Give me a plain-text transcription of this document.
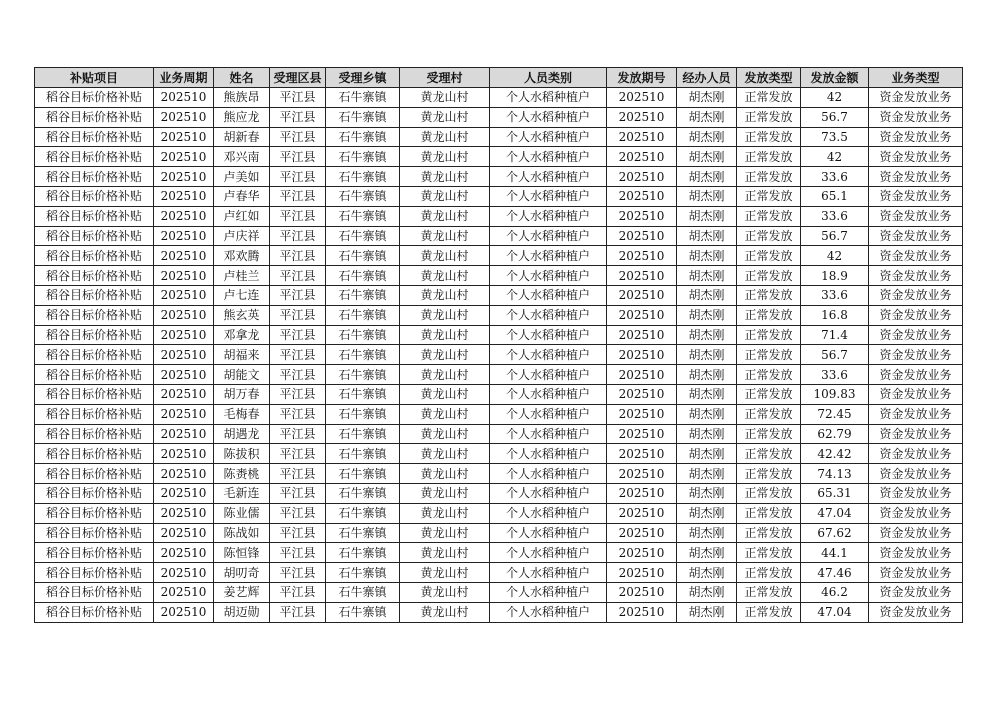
补贴项目	业务周期	姓名	受理区县	受理乡镇	受理村	人员类别	发放期号	经办人员	发放类型	发放金额	业务类型
稻谷目标价格补贴	202510	熊族昂	平江县	石牛寨镇	黄龙山村	个人水稻种植户	202510	胡杰刚	正常发放	42	资金发放业务
稻谷目标价格补贴	202510	熊应龙	平江县	石牛寨镇	黄龙山村	个人水稻种植户	202510	胡杰刚	正常发放	56.7	资金发放业务
稻谷目标价格补贴	202510	胡新春	平江县	石牛寨镇	黄龙山村	个人水稻种植户	202510	胡杰刚	正常发放	73.5	资金发放业务
稻谷目标价格补贴	202510	邓兴南	平江县	石牛寨镇	黄龙山村	个人水稻种植户	202510	胡杰刚	正常发放	42	资金发放业务
稻谷目标价格补贴	202510	卢美如	平江县	石牛寨镇	黄龙山村	个人水稻种植户	202510	胡杰刚	正常发放	33.6	资金发放业务
稻谷目标价格补贴	202510	卢春华	平江县	石牛寨镇	黄龙山村	个人水稻种植户	202510	胡杰刚	正常发放	65.1	资金发放业务
稻谷目标价格补贴	202510	卢红如	平江县	石牛寨镇	黄龙山村	个人水稻种植户	202510	胡杰刚	正常发放	33.6	资金发放业务
稻谷目标价格补贴	202510	卢庆祥	平江县	石牛寨镇	黄龙山村	个人水稻种植户	202510	胡杰刚	正常发放	56.7	资金发放业务
稻谷目标价格补贴	202510	邓欢腾	平江县	石牛寨镇	黄龙山村	个人水稻种植户	202510	胡杰刚	正常发放	42	资金发放业务
稻谷目标价格补贴	202510	卢桂兰	平江县	石牛寨镇	黄龙山村	个人水稻种植户	202510	胡杰刚	正常发放	18.9	资金发放业务
稻谷目标价格补贴	202510	卢七连	平江县	石牛寨镇	黄龙山村	个人水稻种植户	202510	胡杰刚	正常发放	33.6	资金发放业务
稻谷目标价格补贴	202510	熊玄英	平江县	石牛寨镇	黄龙山村	个人水稻种植户	202510	胡杰刚	正常发放	16.8	资金发放业务
稻谷目标价格补贴	202510	邓拿龙	平江县	石牛寨镇	黄龙山村	个人水稻种植户	202510	胡杰刚	正常发放	71.4	资金发放业务
稻谷目标价格补贴	202510	胡福来	平江县	石牛寨镇	黄龙山村	个人水稻种植户	202510	胡杰刚	正常发放	56.7	资金发放业务
稻谷目标价格补贴	202510	胡能文	平江县	石牛寨镇	黄龙山村	个人水稻种植户	202510	胡杰刚	正常发放	33.6	资金发放业务
稻谷目标价格补贴	202510	胡万春	平江县	石牛寨镇	黄龙山村	个人水稻种植户	202510	胡杰刚	正常发放	109.83	资金发放业务
稻谷目标价格补贴	202510	毛梅春	平江县	石牛寨镇	黄龙山村	个人水稻种植户	202510	胡杰刚	正常发放	72.45	资金发放业务
稻谷目标价格补贴	202510	胡遇龙	平江县	石牛寨镇	黄龙山村	个人水稻种植户	202510	胡杰刚	正常发放	62.79	资金发放业务
稻谷目标价格补贴	202510	陈拔积	平江县	石牛寨镇	黄龙山村	个人水稻种植户	202510	胡杰刚	正常发放	42.42	资金发放业务
稻谷目标价格补贴	202510	陈赉桃	平江县	石牛寨镇	黄龙山村	个人水稻种植户	202510	胡杰刚	正常发放	74.13	资金发放业务
稻谷目标价格补贴	202510	毛新连	平江县	石牛寨镇	黄龙山村	个人水稻种植户	202510	胡杰刚	正常发放	65.31	资金发放业务
稻谷目标价格补贴	202510	陈业儒	平江县	石牛寨镇	黄龙山村	个人水稻种植户	202510	胡杰刚	正常发放	47.04	资金发放业务
稻谷目标价格补贴	202510	陈战如	平江县	石牛寨镇	黄龙山村	个人水稻种植户	202510	胡杰刚	正常发放	67.62	资金发放业务
稻谷目标价格补贴	202510	陈恒锋	平江县	石牛寨镇	黄龙山村	个人水稻种植户	202510	胡杰刚	正常发放	44.1	资金发放业务
稻谷目标价格补贴	202510	胡叨奇	平江县	石牛寨镇	黄龙山村	个人水稻种植户	202510	胡杰刚	正常发放	47.46	资金发放业务
稻谷目标价格补贴	202510	姜艺辉	平江县	石牛寨镇	黄龙山村	个人水稻种植户	202510	胡杰刚	正常发放	46.2	资金发放业务
稻谷目标价格补贴	202510	胡迈勋	平江县	石牛寨镇	黄龙山村	个人水稻种植户	202510	胡杰刚	正常发放	47.04	资金发放业务
